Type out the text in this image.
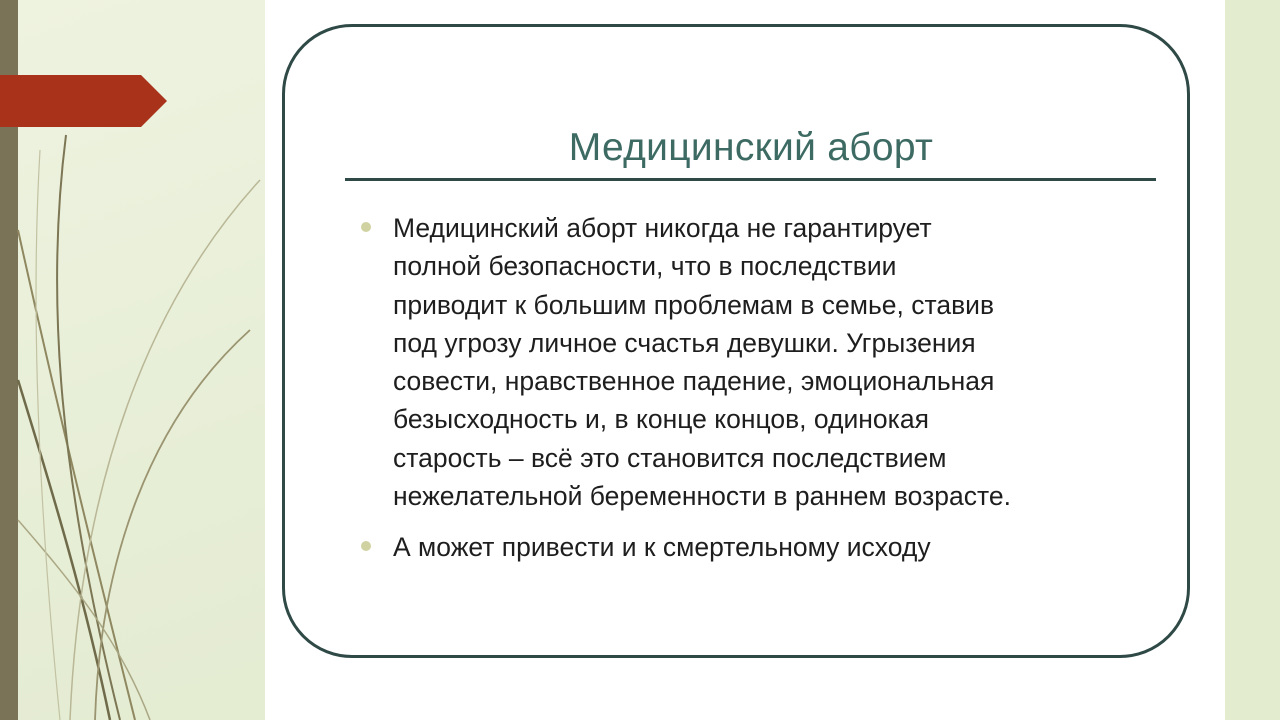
Медицинский аборт
Медицинский аборт никогда не гарантирует
полной безопасности, что в последствии
приводит к большим проблемам в семье, ставив
под угрозу личное счастья девушки. Угрызения
совести, нравственное падение, эмоциональная
безысходность и, в конце концов, одинокая
старость – всё это становится последствием
нежелательной беременности в раннем возрасте.
А может привести и к смертельному исходу
